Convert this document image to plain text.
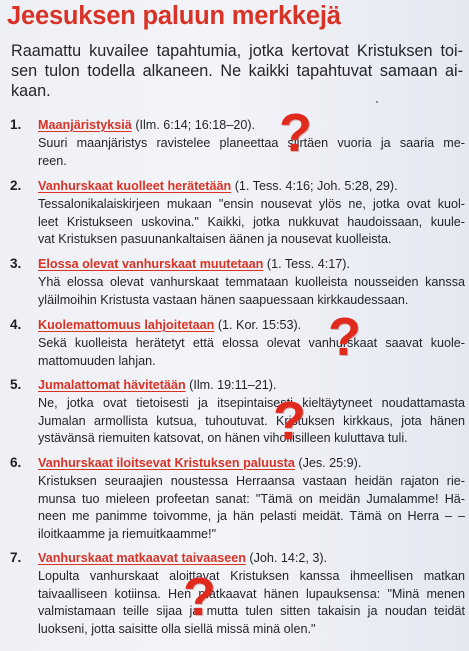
Jeesuksen paluun merkkejä
Raamattu kuvailee tapahtumia, jotka kertovat Kristuksen toi-
sen tulon todella alkaneen. Ne kaikki tapahtuvat samaan ai-
kaan.
1.	Maanjäristyksiä (Ilm. 6:14; 16:18–20).
Suuri maanjäristys ravistelee planeettaa siirtäen vuoria ja saaria me-
reen.
2.	Vanhurskaat kuolleet herätetään (1. Tess. 4:16; Joh. 5:28, 29).
Tessalonikalaiskirjeen mukaan "ensin nousevat ylös ne, jotka ovat kuol-
leet Kristukseen uskovina." Kaikki, jotka nukkuvat haudoissaan, kuule-
vat Kristuksen pasuunankaltaisen äänen ja nousevat kuolleista.
3.	Elossa olevat vanhurskaat muutetaan (1. Tess. 4:17).
Yhä elossa olevat vanhurskaat temmataan kuolleista nousseiden kanssa
yläilmoihin Kristusta vastaan hänen saapuessaan kirkkaudessaan.
4.	Kuolemattomuus lahjoitetaan (1. Kor. 15:53).
Sekä kuolleista herätetyt että elossa olevat vanhurskaat saavat kuole-
mattomuuden lahjan.
5.	Jumalattomat hävitetään (Ilm. 19:11–21).
Ne, jotka ovat tietoisesti ja itsepintaisesti kieltäytyneet noudattamasta
Jumalan armollista kutsua, tuhoutuvat. Kristuksen kirkkaus, jota hänen
ystävänsä riemuiten katsovat, on hänen vihollisilleen kuluttava tuli.
6.	Vanhurskaat iloitsevat Kristuksen paluusta (Jes. 25:9).
Kristuksen seuraajien noustessa Herraansa vastaan heidän rajaton rie-
munsa tuo mieleen profeetan sanat: "Tämä on meidän Jumalamme! Hä-
neen me panimme toivomme, ja hän pelasti meidät. Tämä on Herra – –
iloitkaamme ja riemuitkaamme!"
7.	Vanhurskaat matkaavat taivaaseen (Joh. 14:2, 3).
Lopulta vanhurskaat aloittavat Kristuksen kanssa ihmeellisen matkan
taivaalliseen kotiinsa. Hen matkaavat hänen lupauksensa: "Minä menen
valmistamaan teille sijaa ja mutta tulen sitten takaisin ja noudan teidät
luokseni, jotta saisitte olla siellä missä minä olen."
?
?
?
?
